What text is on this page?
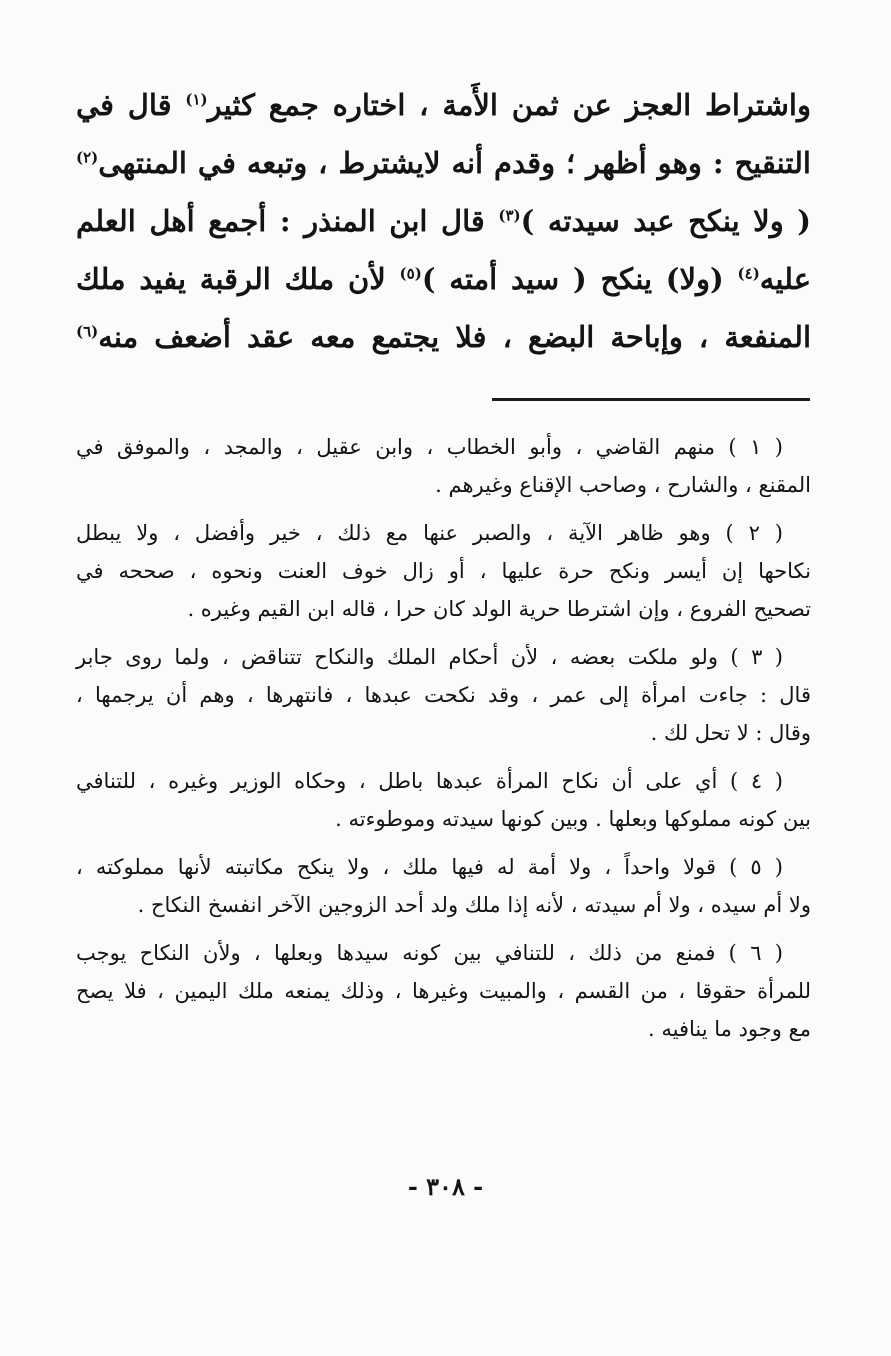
واشتراط العجز عن ثمن الأَمة ، اختاره جمع كثير$^{(١)}$ قال في
التنقيح : وهو أظهر ؛ وقدم أنه لايشترط ، وتبعه في المنتهى$^{(٢)}$
( ولا ينكح عبد سيدته )$^{(٣)}$ قال ابن المنذر : أجمع أهل العلم
عليه$^{(٤)}$ (ولا) ينكح ( سيد أمته )$^{(٥)}$ لأن ملك الرقبة يفيد ملك
المنفعة ، وإباحة البضع ، فلا يجتمع معه عقد أضعف منه$^{(٦)}$
( ١ ) منهم القاضي ، وأبو الخطاب ، وابن عقيل ، والمجد ، والموفق في
المقنع ، والشارح ، وصاحب الإقناع وغيرهم .
( ٢ ) وهو ظاهر الآية ، والصبر عنها مع ذلك ، خير وأفضل ، ولا يبطل
نكاحها إن أيسر ونكح حرة عليها ، أو زال خوف العنت ونحوه ، صححه في
تصحيح الفروع ، وإن اشترطا حرية الولد كان حرا ، قاله ابن القيم وغيره .
( ٣ ) ولو ملكت بعضه ، لأن أحكام الملك والنكاح تتناقض ، ولما روى جابر
قال : جاءت امرأة إلى عمر ، وقد نكحت عبدها ، فانتهرها ، وهم أن يرجمها ،
وقال : لا تحل لك .
( ٤ ) أي على أن نكاح المرأة عبدها باطل ، وحكاه الوزير وغيره ، للتنافي
بين كونه مملوكها وبعلها . وبين كونها سيدته وموطوءته .
( ٥ ) قولا واحداً ، ولا أمة له فيها ملك ، ولا ينكح مكاتبته لأنها مملوكته ،
ولا أم سيده ، ولا أم سيدته ، لأنه إذا ملك ولد أحد الزوجين الآخر انفسخ النكاح .
( ٦ ) فمنع من ذلك ، للتنافي بين كونه سيدها وبعلها ، ولأن النكاح يوجب
للمرأة حقوقا ، من القسم ، والمبيت وغيرها ، وذلك يمنعه ملك اليمين ، فلا يصح
مع وجود ما ينافيه .
- ٣٠٨ -
